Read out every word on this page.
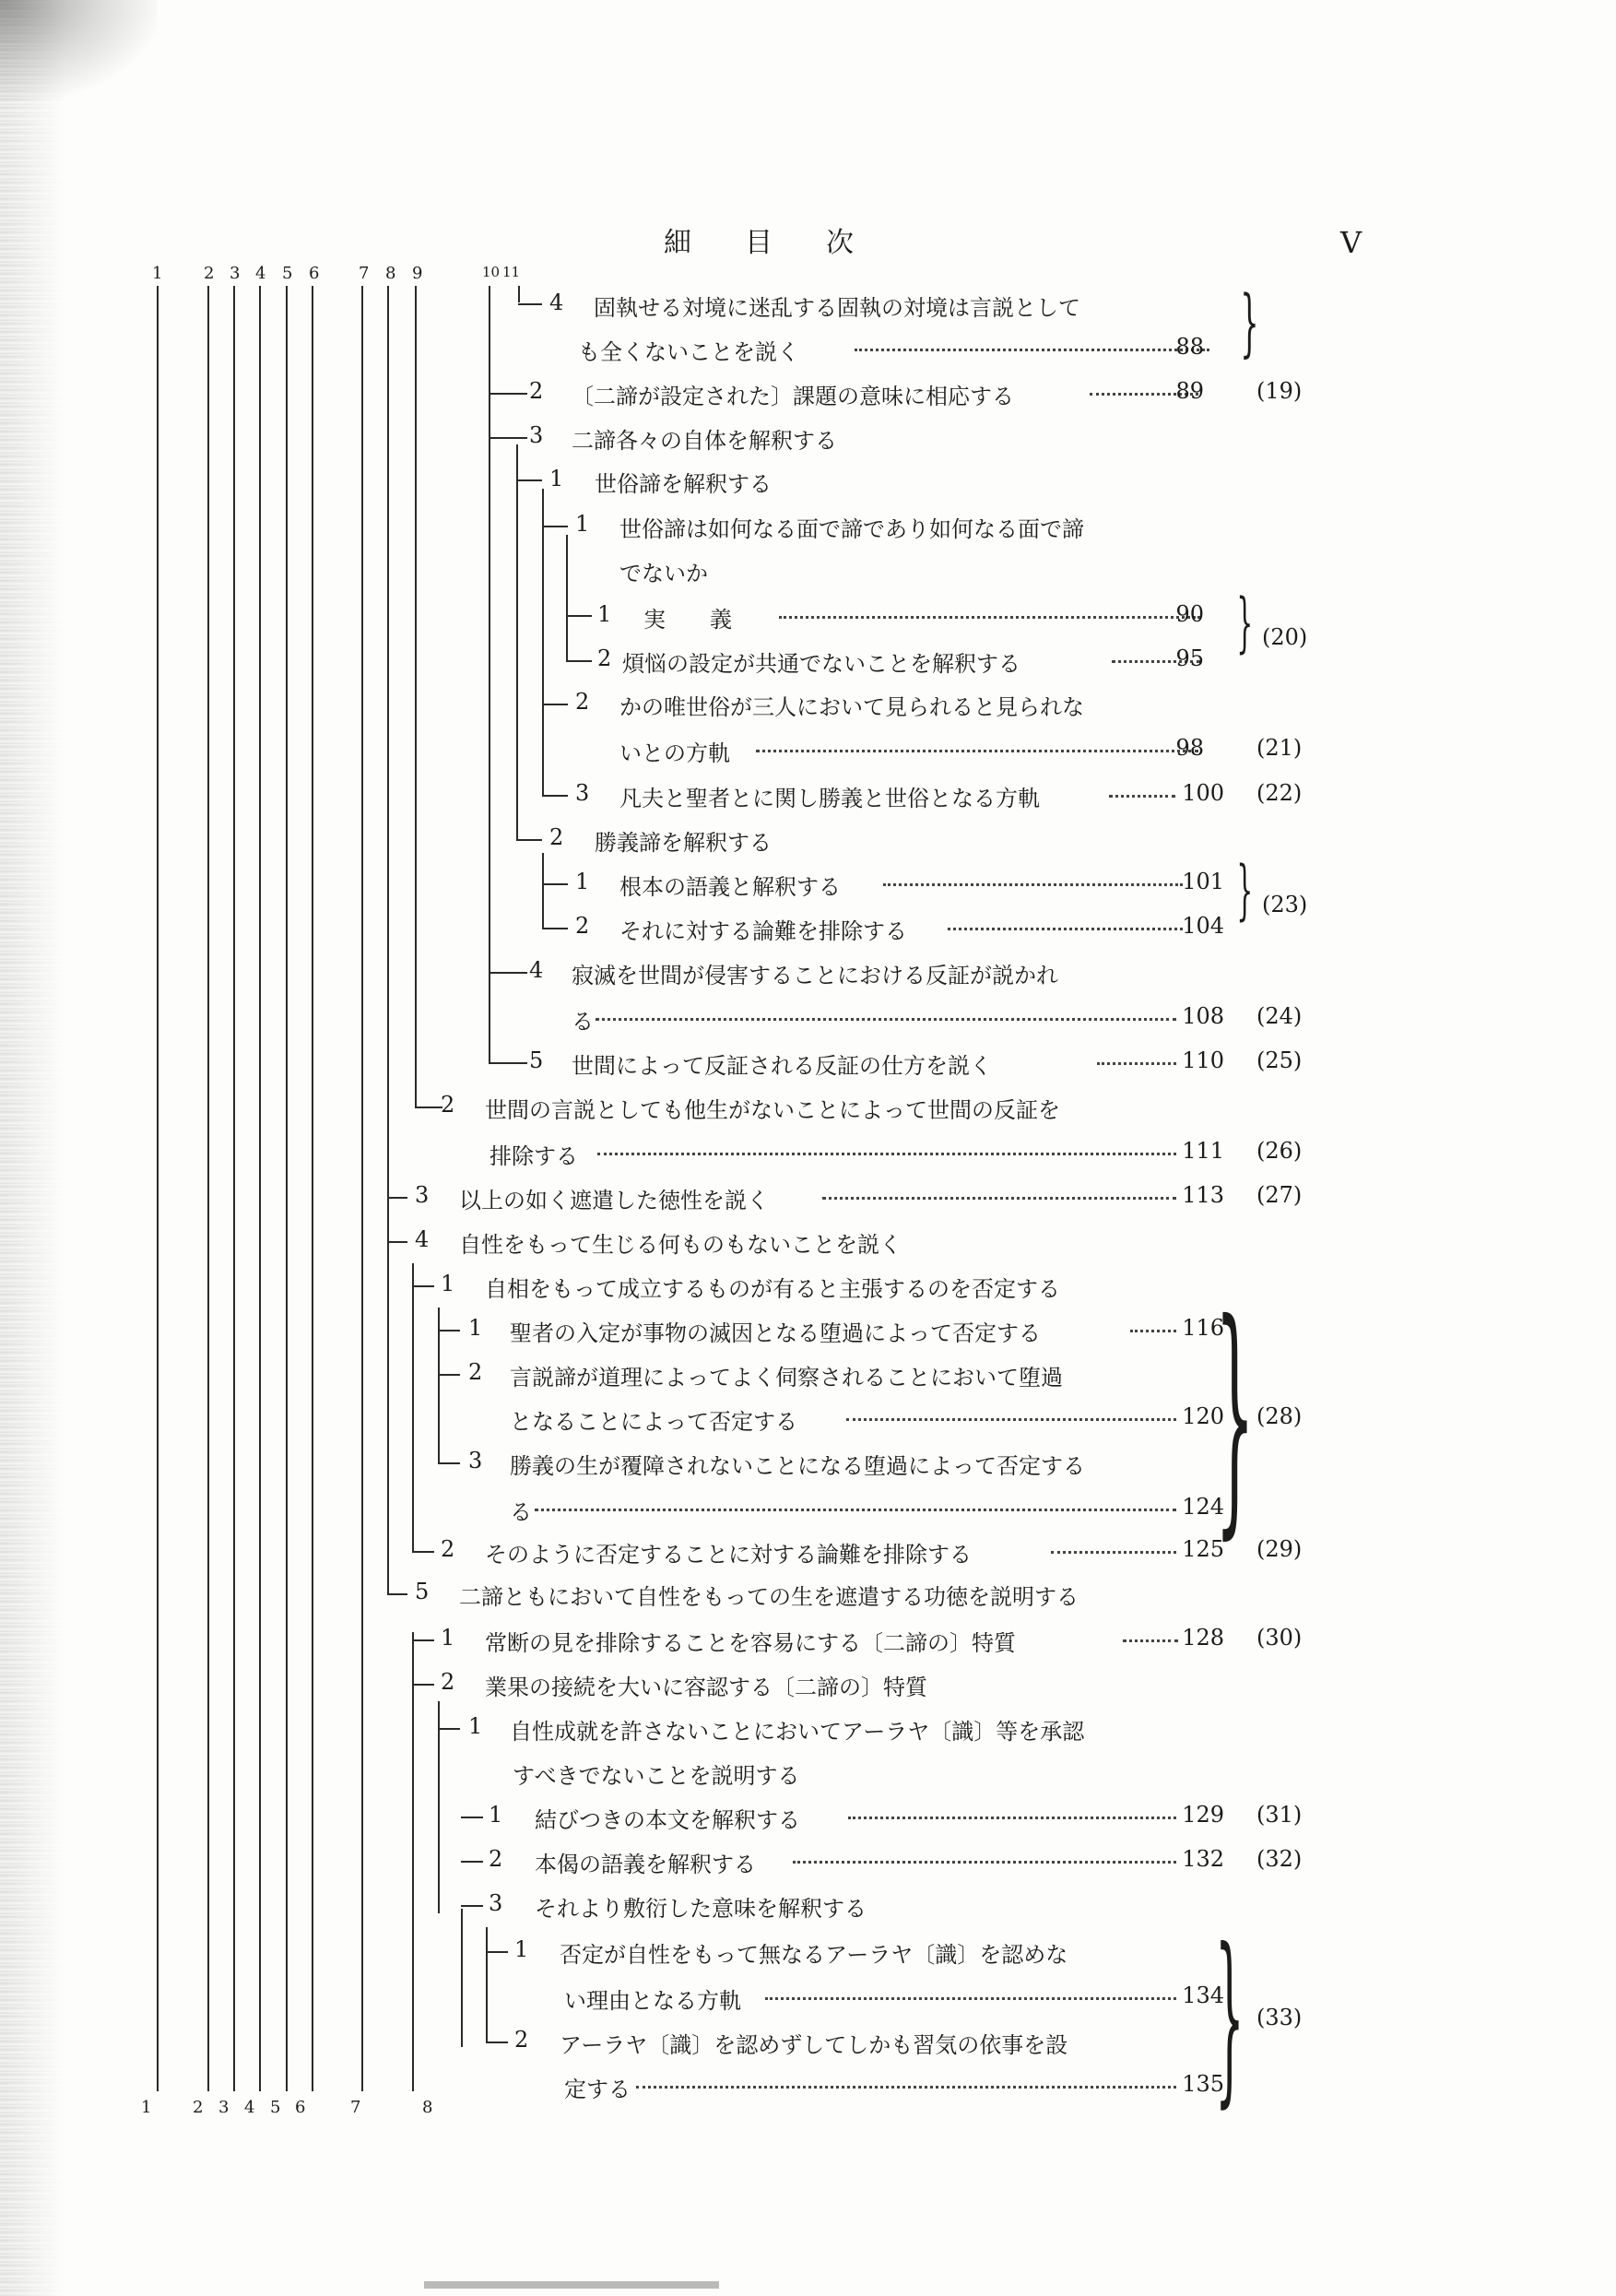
細目次	V
1 2 3 4 5 6 7 8 9	10 11
1 2 3 4 5 6	7	8
4 固執せる対境に迷乱する固執の対境は言説として
も全くないことを説く	88 }
2 〔二諦が設定された〕課題の意味に相応する	89 (19)
3 二諦各々の自体を解釈する
1 世俗諦を解釈する
1 世俗諦は如何なる面で諦であり如何なる面で諦
でないか
1 実　　義	90
2 煩悩の設定が共通でないことを解釈する	95 } (20)
2 かの唯世俗が三人において見られると見られな
いとの方軌	98 (21)
3 凡夫と聖者とに関し勝義と世俗となる方軌	100 (22)
2 勝義諦を解釈する
1 根本の語義と解釈する	101
2 それに対する論難を排除する	104 } (23)
4 寂滅を世間が侵害することにおける反証が説かれ
る	108 (24)
5 世間によって反証される反証の仕方を説く	110 (25)
2 世間の言説としても他生がないことによって世間の反証を
排除する	111 (26)
3 以上の如く遮遣した徳性を説く	113 (27)
4 自性をもって生じる何ものもないことを説く
1 自相をもって成立するものが有ると主張するのを否定する
1 聖者の入定が事物の滅因となる堕過によって否定する	116
2 言説諦が道理によってよく伺察されることにおいて堕過
となることによって否定する	120
3 勝義の生が覆障されないことになる堕過によって否定する
る	124
} (28)
2 そのように否定することに対する論難を排除する	125 (29)
5 二諦ともにおいて自性をもっての生を遮遣する功徳を説明する
1 常断の見を排除することを容易にする〔二諦の〕特質	128 (30)
2 業果の接続を大いに容認する〔二諦の〕特質
1 自性成就を許さないことにおいてアーラヤ〔識〕等を承認
すべきでないことを説明する
1 結びつきの本文を解釈する	129 (31)
2 本偈の語義を解釈する	132 (32)
3 それより敷衍した意味を解釈する
1 否定が自性をもって無なるアーラヤ〔識〕を認めな
い理由となる方軌	134
2 アーラヤ〔識〕を認めずしてしかも習気の依事を設
定する	135
} (33)
